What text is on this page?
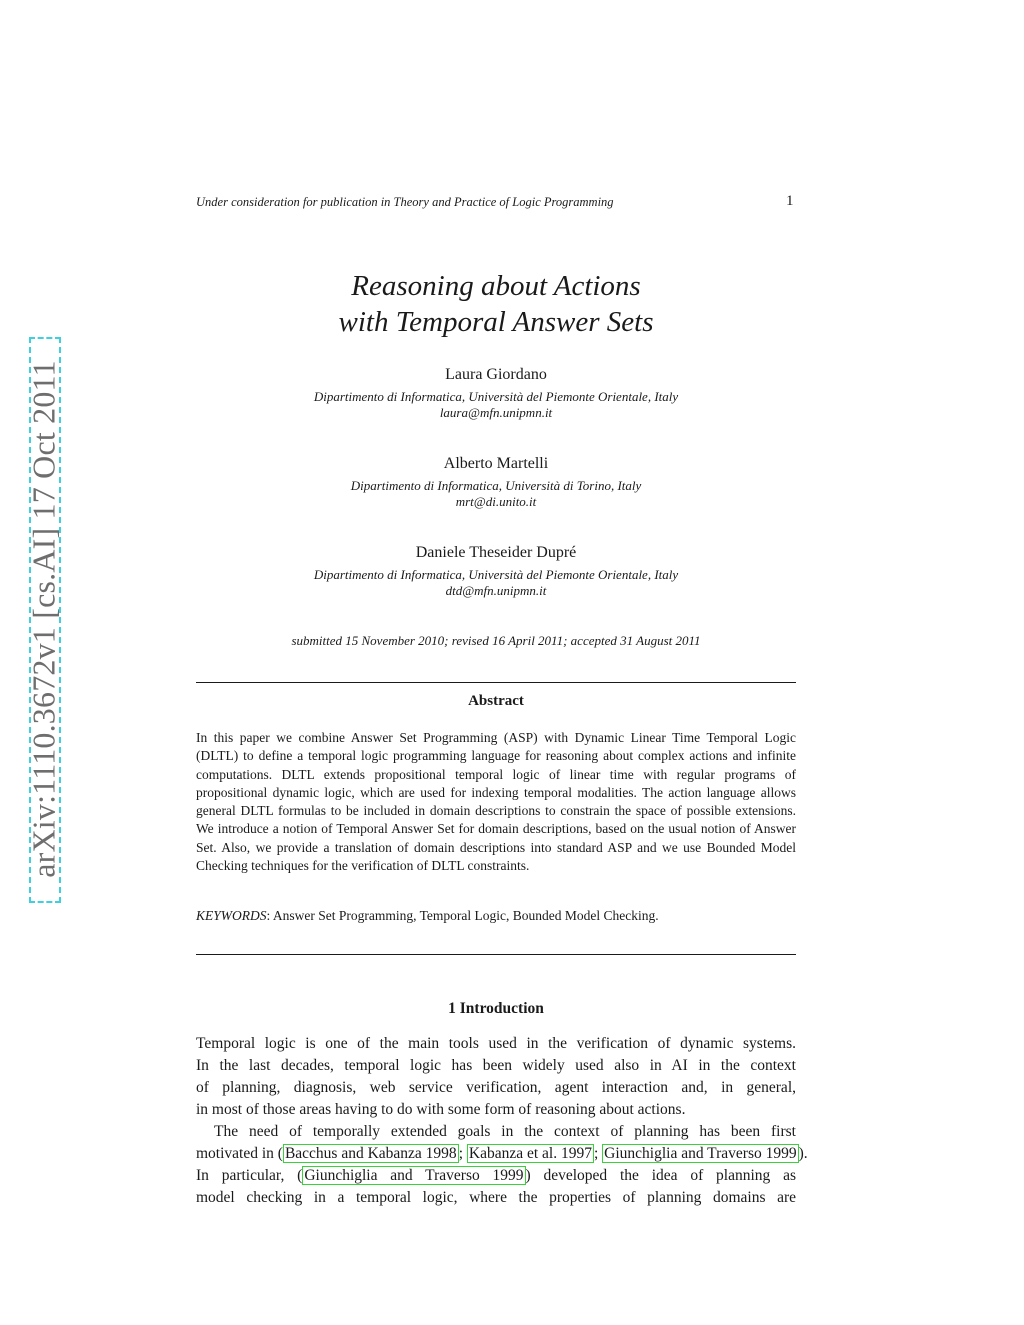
Under consideration for publication in Theory and Practice of Logic Programming	1
arXiv:1110.3672v1 [cs.AI] 17 Oct 2011
Reasoning about Actions
with Temporal Answer Sets
Laura Giordano
Dipartimento di Informatica, Università del Piemonte Orientale, Italy
laura@mfn.unipmn.it
Alberto Martelli
Dipartimento di Informatica, Università di Torino, Italy
mrt@di.unito.it
Daniele Theseider Dupré
Dipartimento di Informatica, Università del Piemonte Orientale, Italy
dtd@mfn.unipmn.it
submitted 15 November 2010; revised 16 April 2011; accepted 31 August 2011
Abstract
In this paper we combine Answer Set Programming (ASP) with Dynamic Linear Time Temporal Logic (DLTL) to define a temporal logic programming language for reasoning about complex actions and infinite computations. DLTL extends propositional temporal logic of linear time with regular programs of propositional dynamic logic, which are used for indexing temporal modalities. The action language allows general DLTL formulas to be included in domain descriptions to constrain the space of possible extensions. We introduce a notion of Temporal Answer Set for domain descriptions, based on the usual notion of Answer Set. Also, we provide a translation of domain descriptions into standard ASP and we use Bounded Model Checking techniques for the verification of DLTL constraints.
KEYWORDS: Answer Set Programming, Temporal Logic, Bounded Model Checking.
1 Introduction
Temporal logic is one of the main tools used in the verification of dynamic systems.
In the last decades, temporal logic has been widely used also in AI in the context
of planning, diagnosis, web service verification, agent interaction and, in general,
in most of those areas having to do with some form of reasoning about actions.
The need of temporally extended goals in the context of planning has been first
motivated in ( Bacchus and Kabanza 1998 ; Kabanza et al. 1997 ; Giunchiglia and Traverso 1999 ).
In particular, ( Giunchiglia and Traverso 1999 ) developed the idea of planning as
model checking in a temporal logic, where the properties of planning domains are
